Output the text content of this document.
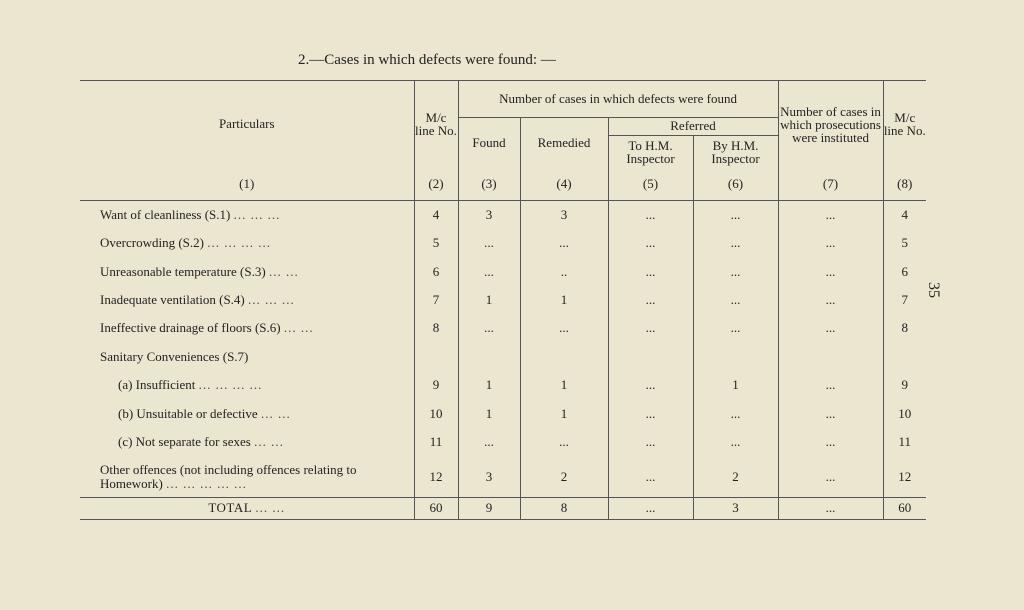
2.—Cases in which defects were found: —
35
Particulars	M/c line No.	Number of cases in which defects were found				Number of cases in which prosecutions were instituted	M/c line No.
		Found	Remedied	Referred			
				To H.M. Inspector	By H.M. Inspector		
(1)	(2)	(3)	(4)	(5)	(6)	(7)	(8)
Want of cleanliness (S.1) ... ... ...	4	3	3	...	...	...	4
Overcrowding (S.2) ... ... ... ...	5	...	...	...	...	...	5
Unreasonable temperature (S.3) ... ...	6	...	..	...	...	...	6
Inadequate ventilation (S.4) ... ... ...	7	1	1	...	...	...	7
Ineffective drainage of floors (S.6) ... ...	8	...	...	...	...	...	8
Sanitary Conveniences (S.7)							
(a) Insufficient ... ... ... ...	9	1	1	...	1	...	9
(b) Unsuitable or defective ... ...	10	1	1	...	...	...	10
(c) Not separate for sexes ... ...	11	...	...	...	...	...	11
Other offences (not including offences relating to Homework) ... ... ... ... ...	12	3	2	...	2	...	12
TOTAL ... ...	60	9	8	...	3	...	60
